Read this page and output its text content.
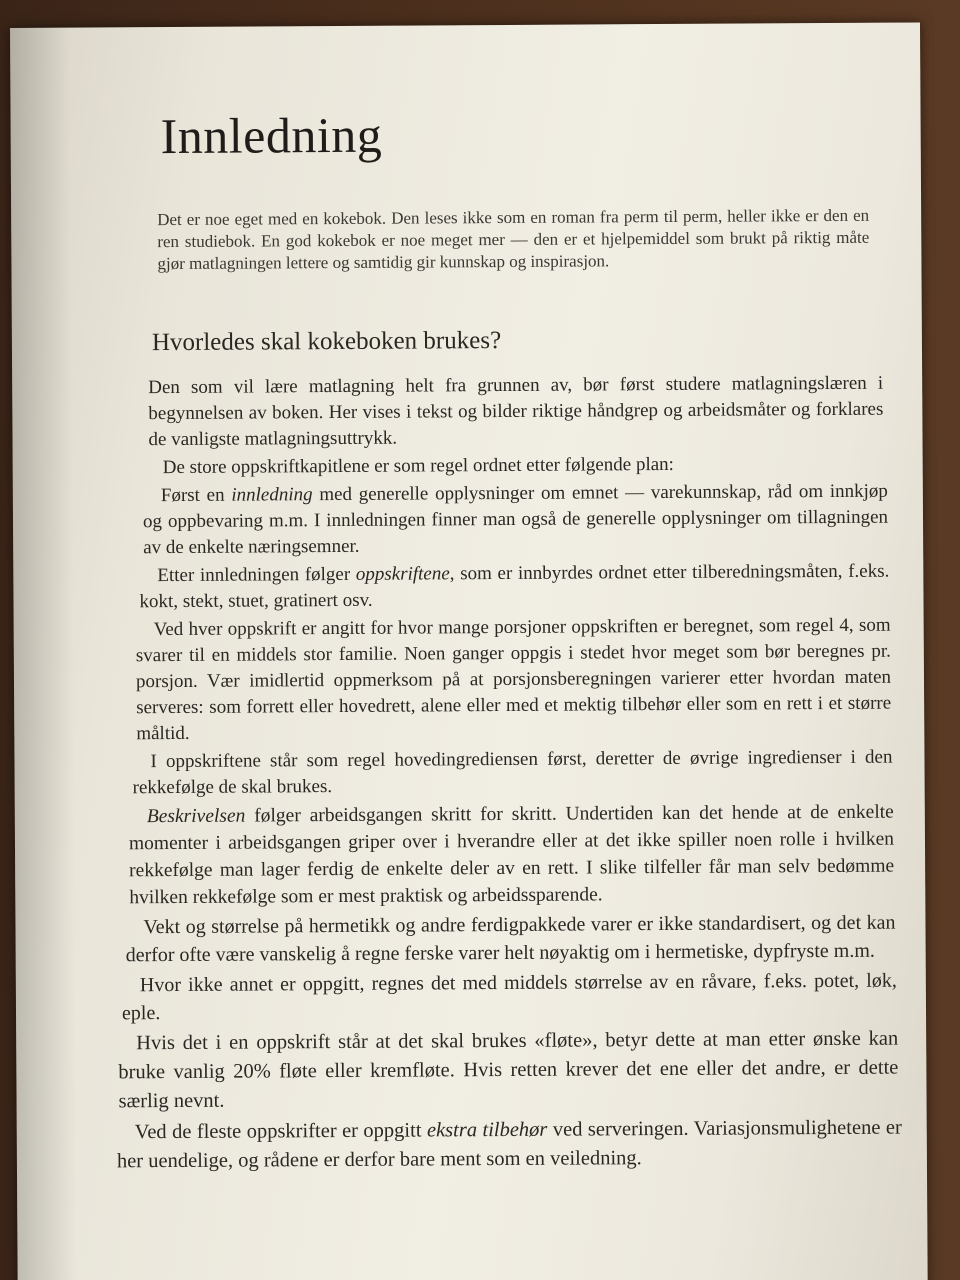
Innledning

Det er noe eget med en kokebok. Den leses ikke som en roman fra perm til perm, heller ikke er den en ren studiebok. En god kokebok er noe meget mer — den er et hjelpemiddel som brukt på riktig måte gjør matlagningen lettere og samtidig gir kunnskap og inspirasjon.

Hvorledes skal kokeboken brukes?

Den som vil lære matlagning helt fra grunnen av, bør først studere matlagningslæren i begynnelsen av boken. Her vises i tekst og bilder riktige håndgrep og arbeidsmåter og forklares de vanligste matlagningsuttrykk.

De store oppskriftkapitlene er som regel ordnet etter følgende plan:

Først en innledning med generelle opplysninger om emnet — varekunnskap, råd om innkjøp og oppbevaring m.m. I innledningen finner man også de generelle opplysninger om tillagningen av de enkelte næringsemner.

Etter innledningen følger oppskriftene, som er innbyrdes ordnet etter tilberedningsmåten, f.eks. kokt, stekt, stuet, gratinert osv.

Ved hver oppskrift er angitt for hvor mange porsjoner oppskriften er beregnet, som regel 4, som svarer til en middels stor familie. Noen ganger oppgis i stedet hvor meget som bør beregnes pr. porsjon. Vær imidlertid oppmerksom på at porsjonsberegningen varierer etter hvordan maten serveres: som forrett eller hovedrett, alene eller med et mektig tilbehør eller som en rett i et større måltid.

I oppskriftene står som regel hovedingrediensen først, deretter de øvrige ingredienser i den rekkefølge de skal brukes.

Beskrivelsen følger arbeidsgangen skritt for skritt. Undertiden kan det hende at de enkelte momenter i arbeidsgangen griper over i hverandre eller at det ikke spiller noen rolle i hvilken rekkefølge man lager ferdig de enkelte deler av en rett. I slike tilfeller får man selv bedømme hvilken rekkefølge som er mest praktisk og arbeidssparende.

Vekt og størrelse på hermetikk og andre ferdigpakkede varer er ikke standardisert, og det kan derfor ofte være vanskelig å regne ferske varer helt nøyaktig om i hermetiske, dypfryste m.m.

Hvor ikke annet er oppgitt, regnes det med middels størrelse av en råvare, f.eks. potet, løk, eple.

Hvis det i en oppskrift står at det skal brukes «fløte», betyr dette at man etter ønske kan bruke vanlig 20% fløte eller kremfløte. Hvis retten krever det ene eller det andre, er dette særlig nevnt.

Ved de fleste oppskrifter er oppgitt ekstra tilbehør ved serveringen. Variasjonsmulighetene er her uendelige, og rådene er derfor bare ment som en veiledning.
